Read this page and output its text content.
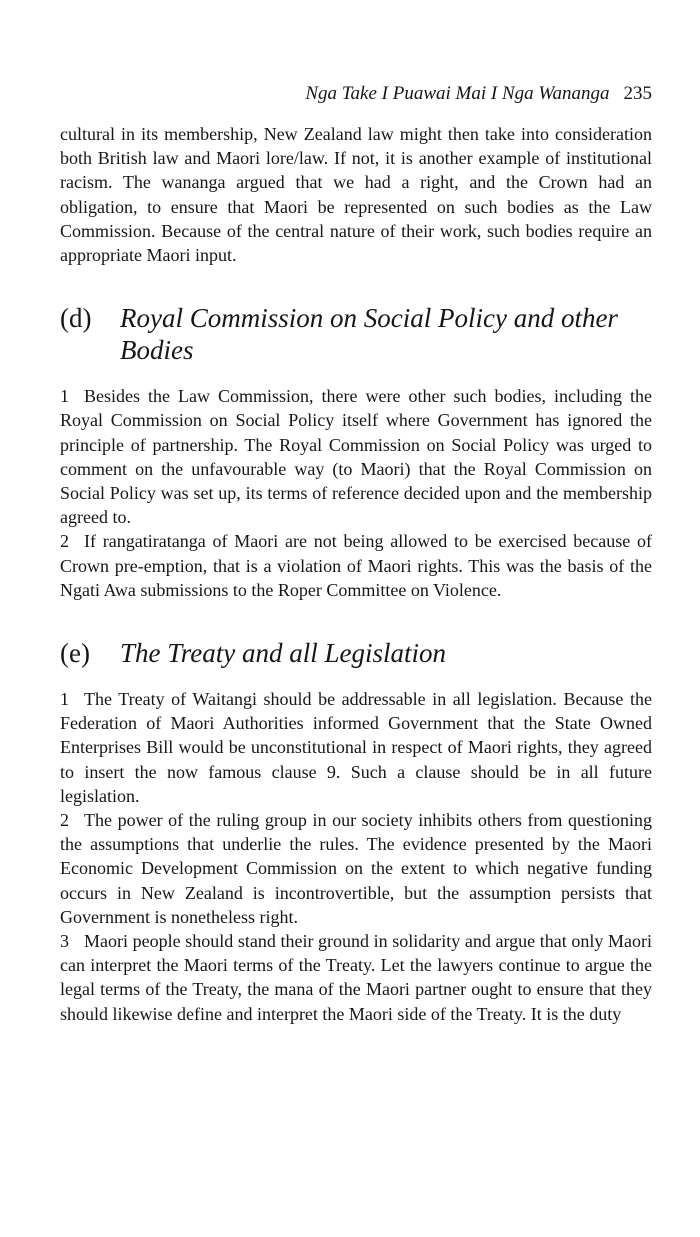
Nga Take I Puawai Mai I Nga Wananga 235

cultural in its membership, New Zealand law might then take into consideration both British law and Maori lore/law. If not, it is another example of institutional racism. The wananga argued that we had a right, and the Crown had an obligation, to ensure that Maori be represented on such bodies as the Law Commission. Because of the central nature of their work, such bodies require an appropriate Maori input.

(d)	Royal Commission on Social Policy and other Bodies

1 Besides the Law Commission, there were other such bodies, including the Royal Commission on Social Policy itself where Government has ignored the principle of partnership. The Royal Commission on Social Policy was urged to comment on the unfavourable way (to Maori) that the Royal Commission on Social Policy was set up, its terms of reference decided upon and the membership agreed to.

2 If rangatiratanga of Maori are not being allowed to be exercised because of Crown pre-emption, that is a violation of Maori rights. This was the basis of the Ngati Awa submissions to the Roper Committee on Violence.

(e)	The Treaty and all Legislation

1 The Treaty of Waitangi should be addressable in all legislation. Because the Federation of Maori Authorities informed Government that the State Owned Enterprises Bill would be unconstitutional in respect of Maori rights, they agreed to insert the now famous clause 9. Such a clause should be in all future legislation.

2 The power of the ruling group in our society inhibits others from questioning the assumptions that underlie the rules. The evidence presented by the Maori Economic Development Commission on the extent to which negative funding occurs in New Zealand is incontrovertible, but the assumption persists that Government is nonetheless right.

3 Maori people should stand their ground in solidarity and argue that only Maori can interpret the Maori terms of the Treaty. Let the lawyers continue to argue the legal terms of the Treaty, the mana of the Maori partner ought to ensure that they should likewise define and interpret the Maori side of the Treaty. It is the duty
